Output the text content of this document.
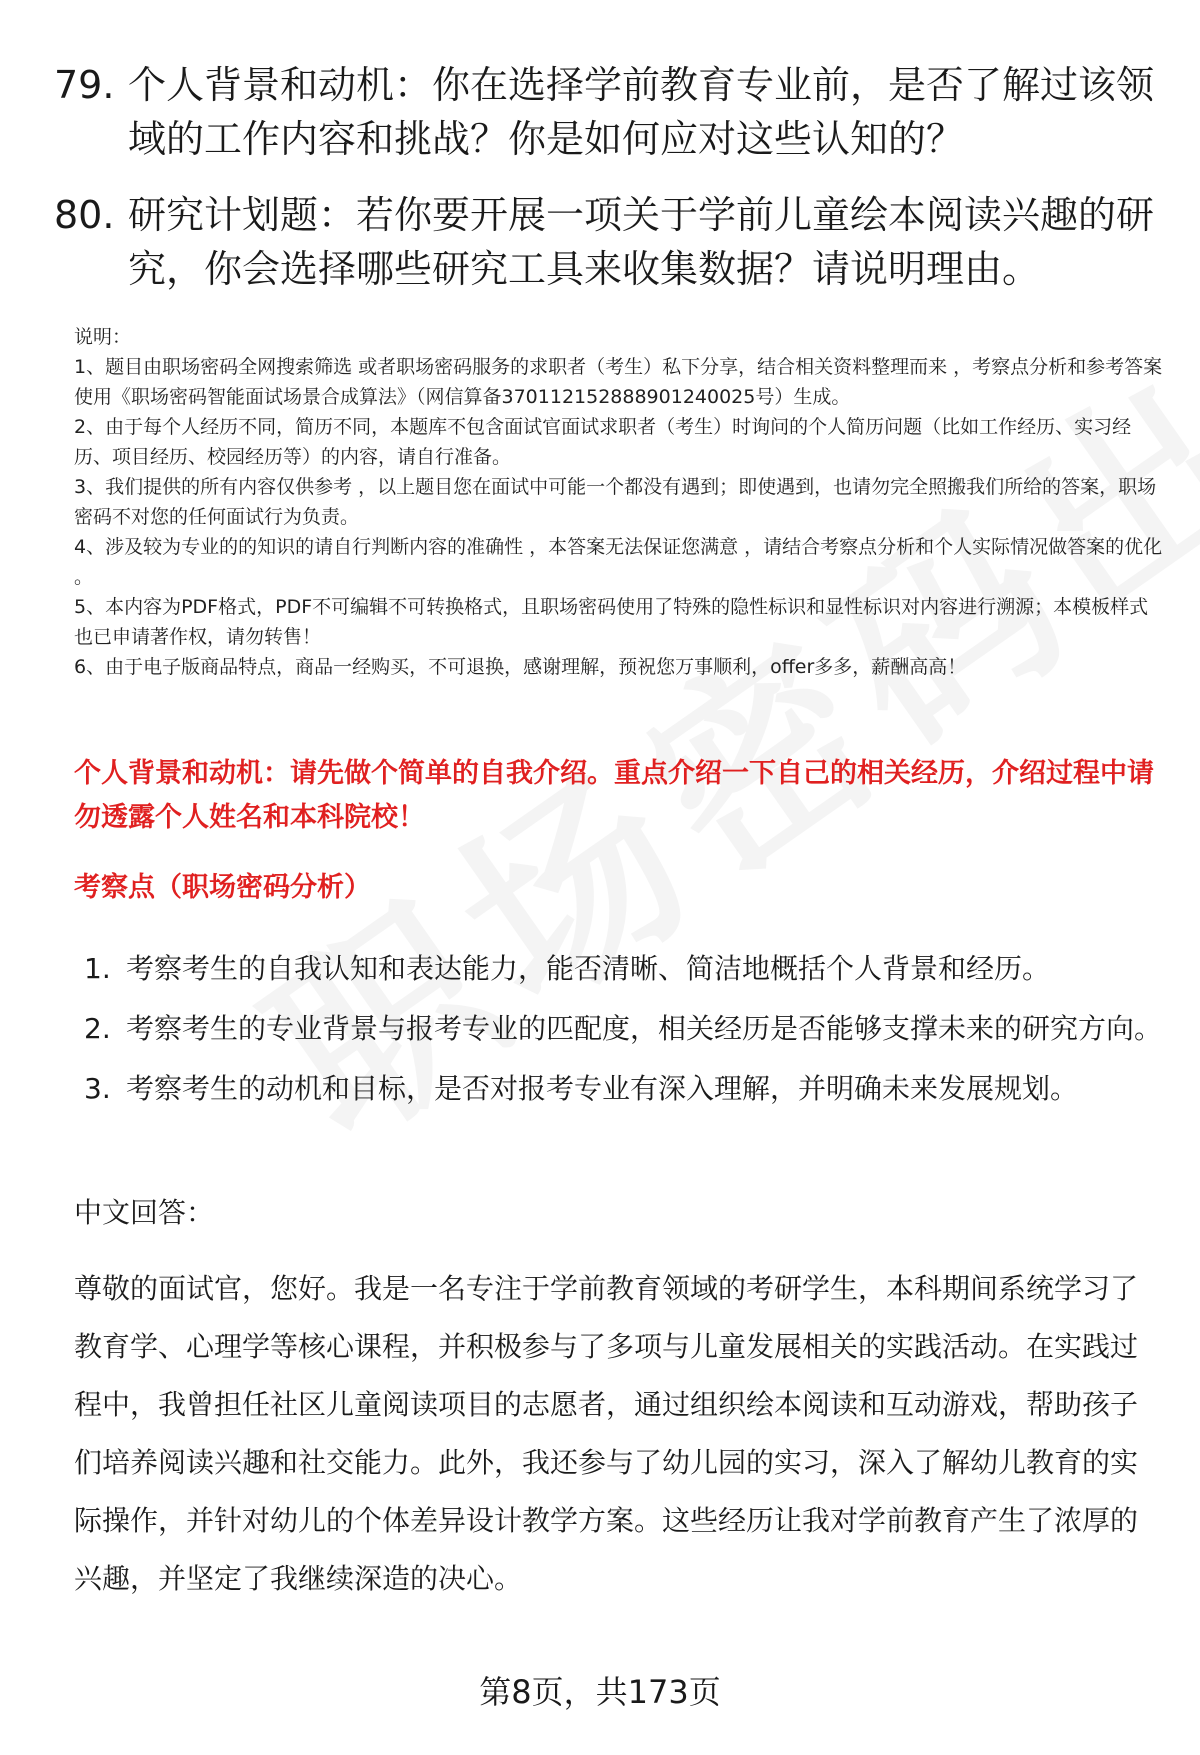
79. 个人背景和动机：你在选择学前教育专业前，是否了解过该领域的工作内容和挑战？你是如何应对这些认知的？
80. 研究计划题：若你要开展一项关于学前儿童绘本阅读兴趣的研究，你会选择哪些研究工具来收集数据？请说明理由。
说明：
1、题目由职场密码全网搜索筛选 或者职场密码服务的求职者（考生）私下分享，结合相关资料整理而来 ，考察点分析和参考答案使用《职场密码智能面试场景合成算法》（网信算备370112152888901240025号）生成。
2、由于每个人经历不同，简历不同，本题库不包含面试官面试求职者（考生）时询问的个人简历问题（比如工作经历、实习经历、项目经历、校园经历等）的内容，请自行准备。
3、我们提供的所有内容仅供参考 ，以上题目您在面试中可能一个都没有遇到；即使遇到，也请勿完全照搬我们所给的答案，职场密码不对您的任何面试行为负责。
4、涉及较为专业的的知识的请自行判断内容的准确性 ，本答案无法保证您满意 ，请结合考察点分析和个人实际情况做答案的优化 。
5、本内容为PDF格式，PDF不可编辑不可转换格式，且职场密码使用了特殊的隐性标识和显性标识对内容进行溯源；本模板样式也已申请著作权，请勿转售！
6、由于电子版商品特点，商品一经购买，不可退换，感谢理解，预祝您万事顺利，offer多多，薪酬高高！
个人背景和动机：请先做个简单的自我介绍。重点介绍一下自己的相关经历，介绍过程中请勿透露个人姓名和本科院校！
考察点（职场密码分析）
1. 考察考生的自我认知和表达能力，能否清晰、简洁地概括个人背景和经历。
2. 考察考生的专业背景与报考专业的匹配度，相关经历是否能够支撑未来的研究方向。
3. 考察考生的动机和目标，是否对报考专业有深入理解，并明确未来发展规划。
中文回答：
尊敬的面试官，您好。我是一名专注于学前教育领域的考研学生，本科期间系统学习了教育学、心理学等核心课程，并积极参与了多项与儿童发展相关的实践活动。在实践过程中，我曾担任社区儿童阅读项目的志愿者，通过组织绘本阅读和互动游戏，帮助孩子们培养阅读兴趣和社交能力。此外，我还参与了幼儿园的实习，深入了解幼儿教育的实际操作，并针对幼儿的个体差异设计教学方案。这些经历让我对学前教育产生了浓厚的兴趣，并坚定了我继续深造的决心。
第8页，共173页
